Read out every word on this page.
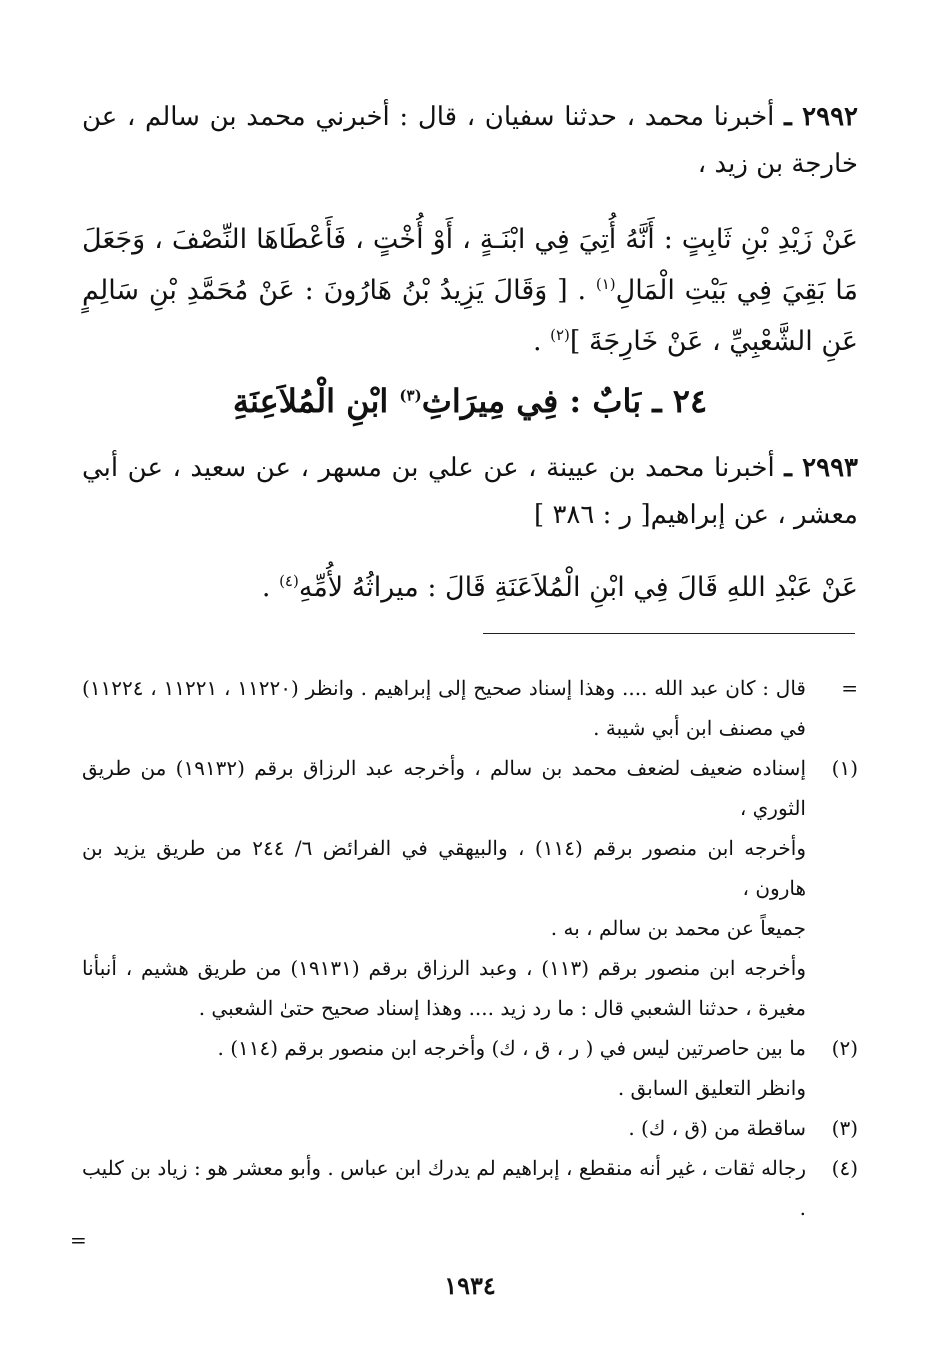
٢٩٩٢ ـ أخبرنا محمد ، حدثنا سفيان ، قال : أخبرني محمد بن سالم ، عن خارجة بن زيد ،

عَنْ زَيْدِ بْنِ ثَابِتٍ : أَنَّهُ أُتِيَ فِي ابْنَـةٍ ، أَوْ أُخْتٍ ، فَأَعْطَاهَا النِّصْفَ ، وَجَعَلَ مَا بَقِيَ فِي بَيْتِ الْمَالِ$^{(١)}$ . [ وَقَالَ يَزِيدُ بْنُ هَارُونَ : عَنْ مُحَمَّدِ بْنِ سَالِمٍ عَنِ الشَّعْبِيِّ ، عَنْ خَارِجَةَ ]$^{(٢)}$ .

٢٤ ـ بَابٌ : فِي مِيرَاثِ$^{(٣)}$ ابْنِ الْمُلاَعِنَةِ

٢٩٩٣ ـ أخبرنا محمد بن عيينة ، عن علي بن مسهر ، عن سعيد ، عن أبي معشر ، عن إبراهيم[ ر : ٣٨٦ ]

عَنْ عَبْدِ اللهِ قَالَ فِي ابْنِ الْمُلاَعَنَةِ قَالَ : ميراثُهُ لأُمِّهِ$^{(٤)}$ .

=

قال : كان عبد الله .... وهذا إسناد صحيح إلى إبراهيم . وانظر (١١٢٢٠ ، ١١٢٢١ ، ١١٢٢٤) في مصنف ابن أبي شيبة .

(١)

إسناده ضعيف لضعف محمد بن سالم ، وأخرجه عبد الرزاق برقم (١٩١٣٢) من طريق الثوري ،

وأخرجه ابن منصور برقم (١١٤) ، والبيهقي في الفرائض ٦/ ٢٤٤ من طريق يزيد بن هارون ،

جميعاً عن محمد بن سالم ، به .

وأخرجه ابن منصور برقم (١١٣) ، وعبد الرزاق برقم (١٩١٣١) من طريق هشيم ، أنبأنا مغيرة ، حدثنا الشعبي قال : ما رد زيد .... وهذا إسناد صحيح حتىٰ الشعبي .

(٢)

ما بين حاصرتين ليس في ( ر ، ق ، ك) وأخرجه ابن منصور برقم (١١٤) .

وانظر التعليق السابق .

(٣)

ساقطة من (ق ، ك) .

(٤)

رجاله ثقات ، غير أنه منقطع ، إبراهيم لم يدرك ابن عباس . وأبو معشر هو : زياد بن كليب .

=
١٩٣٤
